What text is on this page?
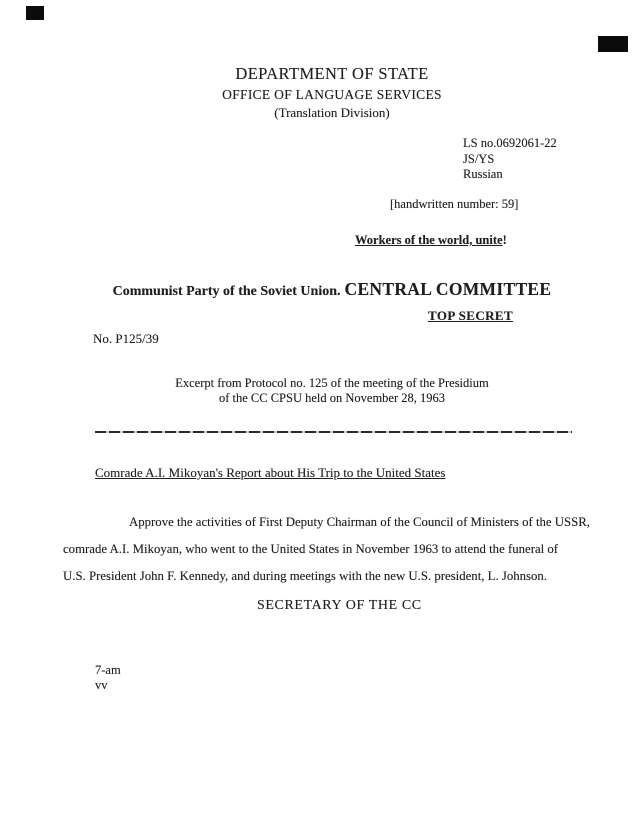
DEPARTMENT OF STATE
OFFICE OF LANGUAGE SERVICES
(Translation Division)
LS no.0692061-22
JS/YS
Russian
[handwritten number: 59]
Workers of the world, unite!
Communist Party of the Soviet Union. CENTRAL COMMITTEE
TOP SECRET
No. P125/39
Excerpt from Protocol no. 125 of the meeting of the Presidium
of the CC CPSU held on November 28, 1963
Comrade A.I. Mikoyan's Report about His Trip to the United States
Approve the activities of First Deputy Chairman of the Council of Ministers of the USSR,
comrade A.I. Mikoyan, who went to the United States in November 1963 to attend the funeral of
U.S. President John F. Kennedy, and during meetings with the new U.S. president, L. Johnson.
SECRETARY OF THE CC
7-am
vv
